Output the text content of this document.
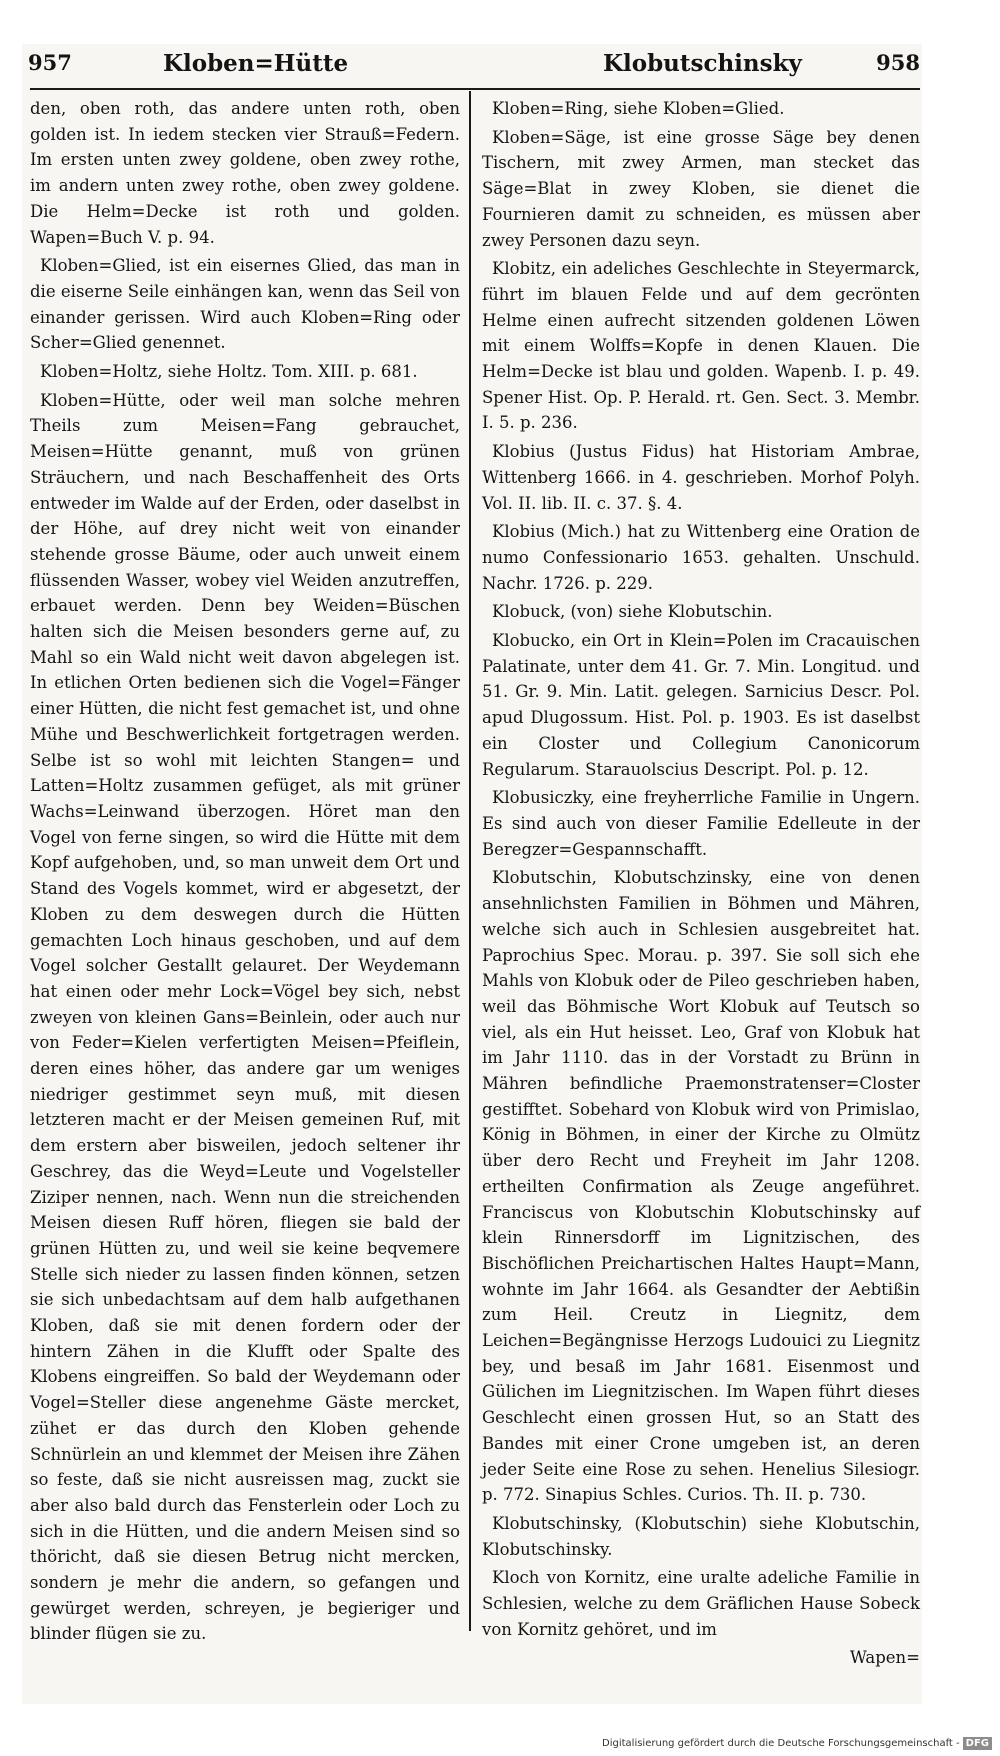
957	Kloben=Hütte	Klobutschinsky	958

den, oben roth, das andere unten roth, oben golden ist. In iedem stecken vier Strauß=Federn. Im ersten unten zwey goldene, oben zwey rothe, im andern unten zwey rothe, oben zwey goldene. Die Helm=Decke ist roth und golden. Wapen=Buch V. p. 94.

Kloben=Glied, ist ein eisernes Glied, das man in die eiserne Seile einhängen kan, wenn das Seil von einander gerissen. Wird auch Kloben=Ring oder Scher=Glied genennet.

Kloben=Holtz, siehe Holtz. Tom. XIII. p. 681.

Kloben=Hütte, oder weil man solche mehren Theils zum Meisen=Fang gebrauchet, Meisen=Hütte genannt, muß von grünen Sträuchern, und nach Beschaffenheit des Orts entweder im Walde auf der Erden, oder daselbst in der Höhe, auf drey nicht weit von einander stehende grosse Bäume, oder auch unweit einem flüssenden Wasser, wobey viel Weiden anzutreffen, erbauet werden. Denn bey Weiden=Büschen halten sich die Meisen besonders gerne auf, zu Mahl so ein Wald nicht weit davon abgelegen ist. In etlichen Orten bedienen sich die Vogel=Fänger einer Hütten, die nicht fest gemachet ist, und ohne Mühe und Beschwerlichkeit fortgetragen werden. Selbe ist so wohl mit leichten Stangen= und Latten=Holtz zusammen gefüget, als mit grüner Wachs=Leinwand überzogen. Höret man den Vogel von ferne singen, so wird die Hütte mit dem Kopf aufgehoben, und, so man unweit dem Ort und Stand des Vogels kommet, wird er abgesetzt, der Kloben zu dem deswegen durch die Hütten gemachten Loch hinaus geschoben, und auf dem Vogel solcher Gestallt gelauret. Der Weydemann hat einen oder mehr Lock=Vögel bey sich, nebst zweyen von kleinen Gans=Beinlein, oder auch nur von Feder=Kielen verfertigten Meisen=Pfeiflein, deren eines höher, das andere gar um weniges niedriger gestimmet seyn muß, mit diesen letzteren macht er der Meisen gemeinen Ruf, mit dem erstern aber bisweilen, jedoch seltener ihr Geschrey, das die Weyd=Leute und Vogelsteller Ziziper nennen, nach. Wenn nun die streichenden Meisen diesen Ruff hören, fliegen sie bald der grünen Hütten zu, und weil sie keine beqvemere Stelle sich nieder zu lassen finden können, setzen sie sich unbedachtsam auf dem halb aufgethanen Kloben, daß sie mit denen fordern oder der hintern Zähen in die Klufft oder Spalte des Klobens eingreiffen. So bald der Weydemann oder Vogel=Steller diese angenehme Gäste mercket, zühet er das durch den Kloben gehende Schnürlein an und klemmet der Meisen ihre Zähen so feste, daß sie nicht ausreissen mag, zuckt sie aber also bald durch das Fensterlein oder Loch zu sich in die Hütten, und die andern Meisen sind so thöricht, daß sie diesen Betrug nicht mercken, sondern je mehr die andern, so gefangen und gewürget werden, schreyen, je begieriger und blinder flügen sie zu.

Kloben=Ring, siehe Kloben=Glied.

Kloben=Säge, ist eine grosse Säge bey denen Tischern, mit zwey Armen, man stecket das Säge=Blat in zwey Kloben, sie dienet die Fournieren damit zu schneiden, es müssen aber zwey Personen dazu seyn.

Klobitz, ein adeliches Geschlechte in Steyermarck, führt im blauen Felde und auf dem gecrönten Helme einen aufrecht sitzenden goldenen Löwen mit einem Wolffs=Kopfe in denen Klauen. Die Helm=Decke ist blau und golden. Wapenb. I. p. 49. Spener Hist. Op. P. Herald. rt. Gen. Sect. 3. Membr. I. 5. p. 236.

Klobius (Justus Fidus) hat Historiam Ambrae, Wittenberg 1666. in 4. geschrieben. Morhof Polyh. Vol. II. lib. II. c. 37. §. 4.

Klobius (Mich.) hat zu Wittenberg eine Oration de numo Confessionario 1653. gehalten. Unschuld. Nachr. 1726. p. 229.

Klobuck, (von) siehe Klobutschin.

Klobucko, ein Ort in Klein=Polen im Cracauischen Palatinate, unter dem 41. Gr. 7. Min. Longitud. und 51. Gr. 9. Min. Latit. gelegen. Sarnicius Descr. Pol. apud Dlugossum. Hist. Pol. p. 1903. Es ist daselbst ein Closter und Collegium Canonicorum Regularum. Starauolscius Descript. Pol. p. 12.

Klobusiczky, eine freyherrliche Familie in Ungern. Es sind auch von dieser Familie Edelleute in der Beregzer=Gespannschafft.

Klobutschin, Klobutschzinsky, eine von denen ansehnlichsten Familien in Böhmen und Mähren, welche sich auch in Schlesien ausgebreitet hat. Paprochius Spec. Morau. p. 397. Sie soll sich ehe Mahls von Klobuk oder de Pileo geschrieben haben, weil das Böhmische Wort Klobuk auf Teutsch so viel, als ein Hut heisset. Leo, Graf von Klobuk hat im Jahr 1110. das in der Vorstadt zu Brünn in Mähren befindliche Praemonstratenser=Closter gestifftet. Sobehard von Klobuk wird von Primislao, König in Böhmen, in einer der Kirche zu Olmütz über dero Recht und Freyheit im Jahr 1208. ertheilten Confirmation als Zeuge angeführet. Franciscus von Klobutschin Klobutschinsky auf klein Rinnersdorff im Lignitzischen, des Bischöflichen Preichartischen Haltes Haupt=Mann, wohnte im Jahr 1664. als Gesandter der Aebtißin zum Heil. Creutz in Liegnitz, dem Leichen=Begängnisse Herzogs Ludouici zu Liegnitz bey, und besaß im Jahr 1681. Eisenmost und Gülichen im Liegnitzischen. Im Wapen führt dieses Geschlecht einen grossen Hut, so an Statt des Bandes mit einer Crone umgeben ist, an deren jeder Seite eine Rose zu sehen. Henelius Silesiogr. p. 772. Sinapius Schles. Curios. Th. II. p. 730.

Klobutschinsky, (Klobutschin) siehe Klobutschin, Klobutschinsky.

Kloch von Kornitz, eine uralte adeliche Familie in Schlesien, welche zu dem Gräflichen Hause Sobeck von Kornitz gehöret, und im

Wapen=

Digitalisierung gefördert durch die Deutsche Forschungsgemeinschaft - DFG
